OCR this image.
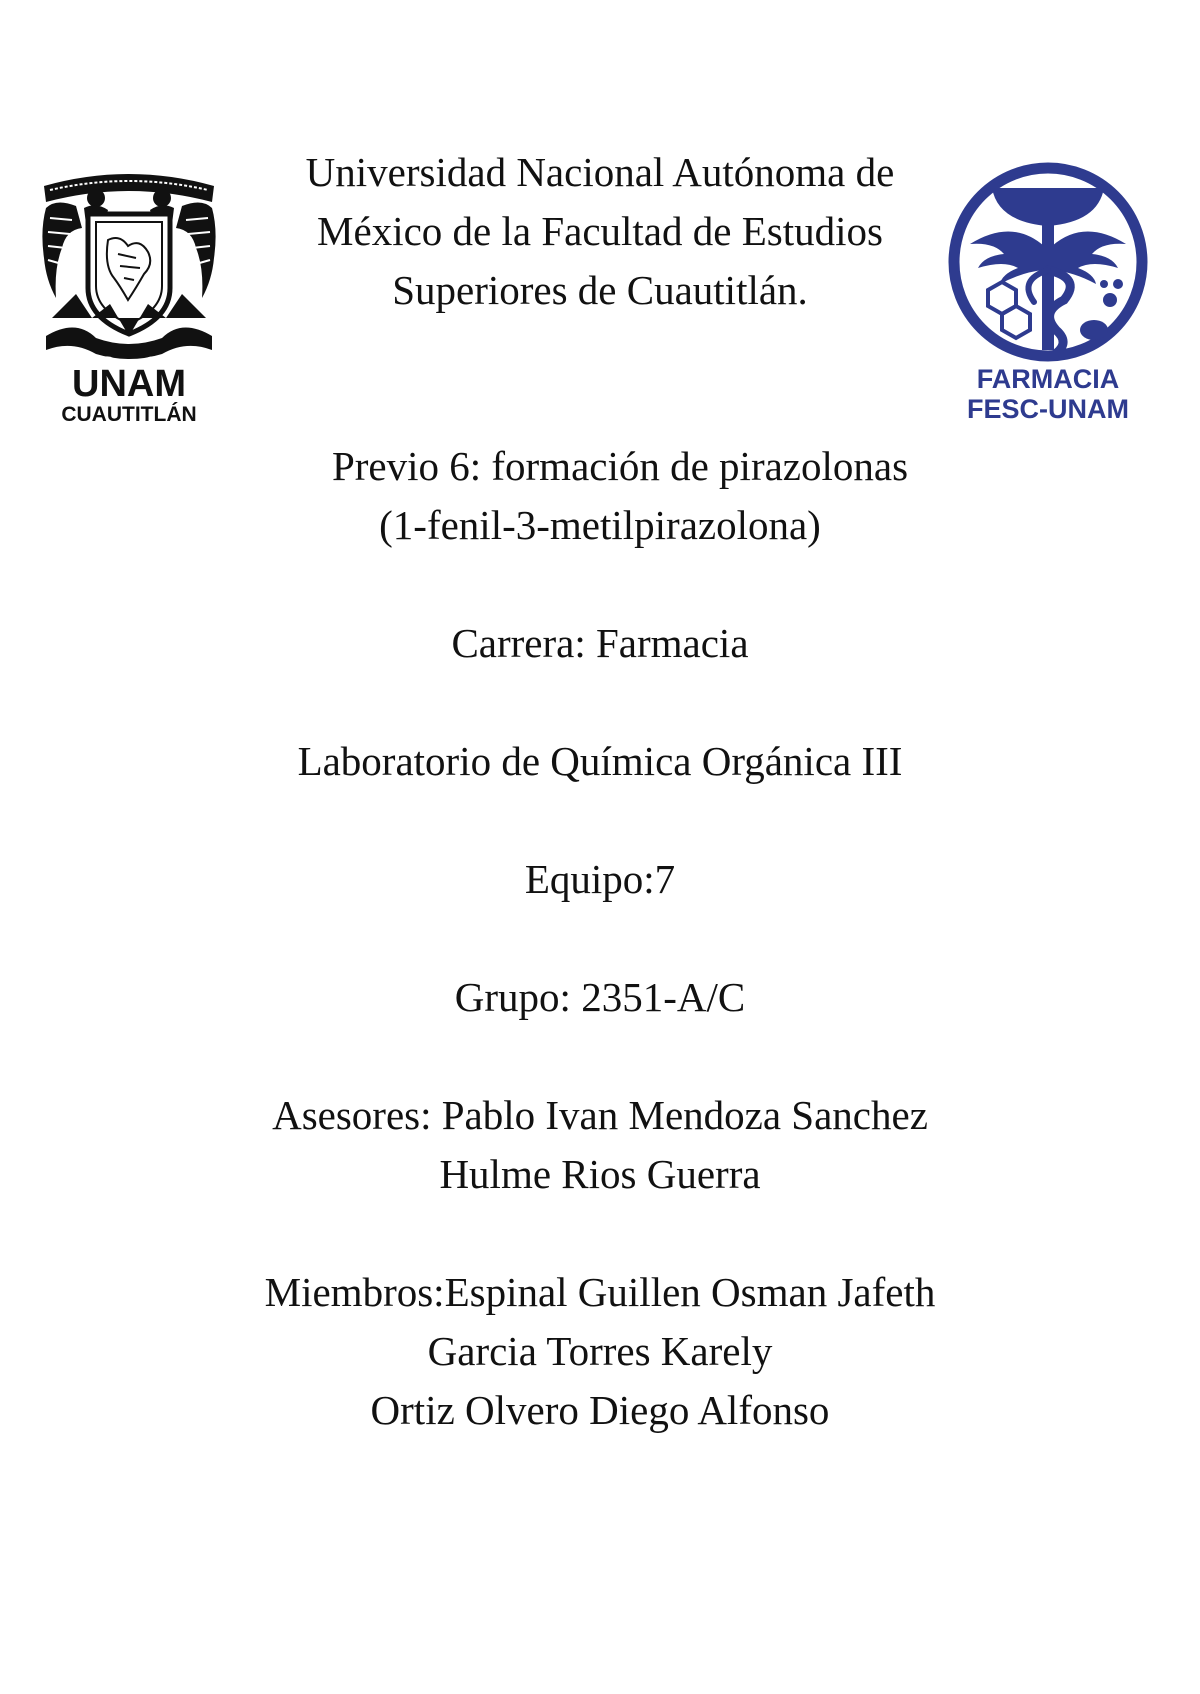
UNAM
CUAUTITLÁN
Universidad Nacional Autónoma de
México de la Facultad de Estudios
Superiores de Cuautitlán.
FARMACIA
FESC-UNAM
Previo 6: formación de pirazolonas
(1-fenil-3-metilpirazolona)
Carrera: Farmacia
Laboratorio de Química Orgánica III
Equipo:7
Grupo: 2351-A/C
Asesores: Pablo Ivan Mendoza Sanchez
Hulme Rios Guerra
Miembros:Espinal Guillen Osman Jafeth
Garcia Torres Karely
Ortiz Olvero Diego Alfonso
